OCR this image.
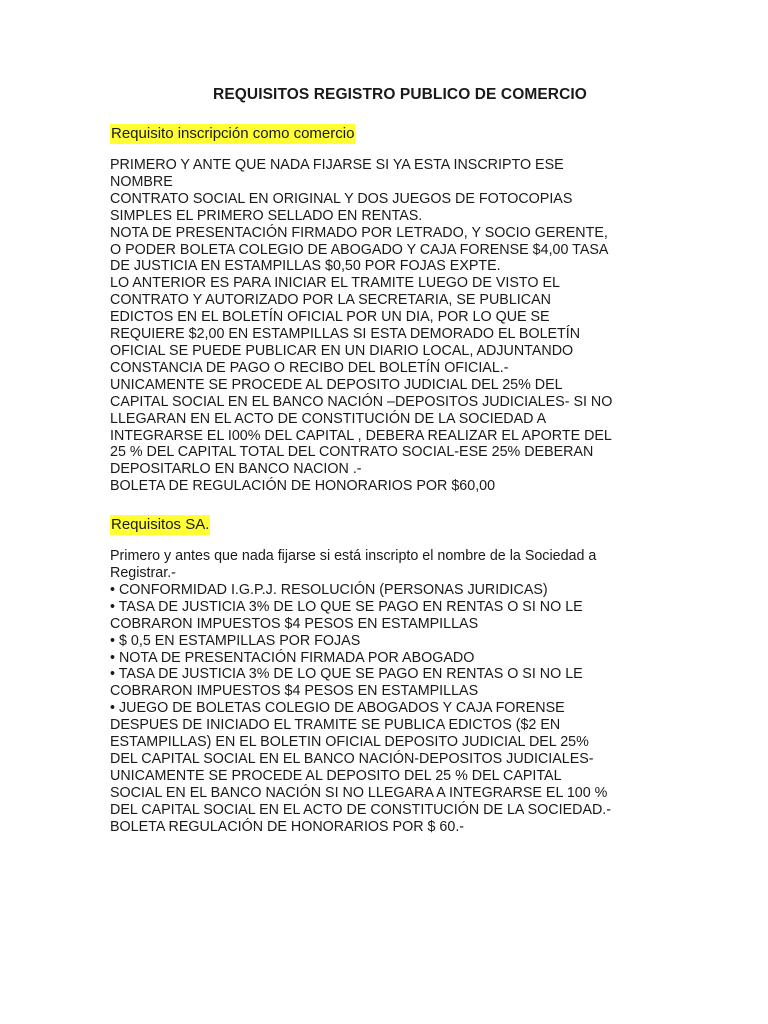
REQUISITOS REGISTRO PUBLICO DE COMERCIO
Requisito inscripción como comercio
PRIMERO Y ANTE QUE NADA FIJARSE SI YA ESTA INSCRIPTO ESE
NOMBRE
CONTRATO SOCIAL EN ORIGINAL Y DOS JUEGOS DE FOTOCOPIAS
SIMPLES EL PRIMERO SELLADO EN RENTAS.
NOTA DE PRESENTACIÓN FIRMADO POR LETRADO, Y SOCIO GERENTE,
O PODER BOLETA COLEGIO DE ABOGADO Y CAJA FORENSE $4,00 TASA
DE JUSTICIA EN ESTAMPILLAS $0,50 POR FOJAS EXPTE.
LO ANTERIOR ES PARA INICIAR EL TRAMITE LUEGO DE VISTO EL
CONTRATO Y AUTORIZADO POR LA SECRETARIA, SE PUBLICAN
EDICTOS EN EL BOLETÍN OFICIAL POR UN DIA, POR LO QUE SE
REQUIERE $2,00 EN ESTAMPILLAS SI ESTA DEMORADO EL BOLETÍN
OFICIAL SE PUEDE PUBLICAR EN UN DIARIO LOCAL, ADJUNTANDO
CONSTANCIA DE PAGO O RECIBO DEL BOLETÍN OFICIAL.-
UNICAMENTE SE PROCEDE AL DEPOSITO JUDICIAL DEL 25% DEL
CAPITAL SOCIAL EN EL BANCO NACIÓN –DEPOSITOS JUDICIALES- SI NO
LLEGARAN EN EL ACTO DE CONSTITUCIÓN DE LA SOCIEDAD A
INTEGRARSE EL I00% DEL CAPITAL , DEBERA REALIZAR EL APORTE DEL
25 % DEL CAPITAL TOTAL DEL CONTRATO SOCIAL-ESE 25% DEBERAN
DEPOSITARLO EN BANCO NACION .-
BOLETA DE REGULACIÓN DE HONORARIOS POR $60,00
Requisitos SA.
Primero y antes que nada fijarse si está inscripto el nombre de la Sociedad a
Registrar.-
• CONFORMIDAD I.G.P.J. RESOLUCIÓN (PERSONAS JURIDICAS)
• TASA DE JUSTICIA 3% DE LO QUE SE PAGO EN RENTAS O SI NO LE
COBRARON IMPUESTOS $4 PESOS EN ESTAMPILLAS
• $ 0,5 EN ESTAMPILLAS POR FOJAS
• NOTA DE PRESENTACIÓN FIRMADA POR ABOGADO
• TASA DE JUSTICIA 3% DE LO QUE SE PAGO EN RENTAS O SI NO LE
COBRARON IMPUESTOS $4 PESOS EN ESTAMPILLAS
• JUEGO DE BOLETAS COLEGIO DE ABOGADOS Y CAJA FORENSE
DESPUES DE INICIADO EL TRAMITE SE PUBLICA EDICTOS ($2 EN
ESTAMPILLAS) EN EL BOLETIN OFICIAL DEPOSITO JUDICIAL DEL 25%
DEL CAPITAL SOCIAL EN EL BANCO NACIÓN-DEPOSITOS JUDICIALES-
UNICAMENTE SE PROCEDE AL DEPOSITO DEL 25 % DEL CAPITAL
SOCIAL EN EL BANCO NACIÓN SI NO LLEGARA A INTEGRARSE EL 100 %
DEL CAPITAL SOCIAL EN EL ACTO DE CONSTITUCIÓN DE LA SOCIEDAD.-
BOLETA REGULACIÓN DE HONORARIOS POR $ 60.-
